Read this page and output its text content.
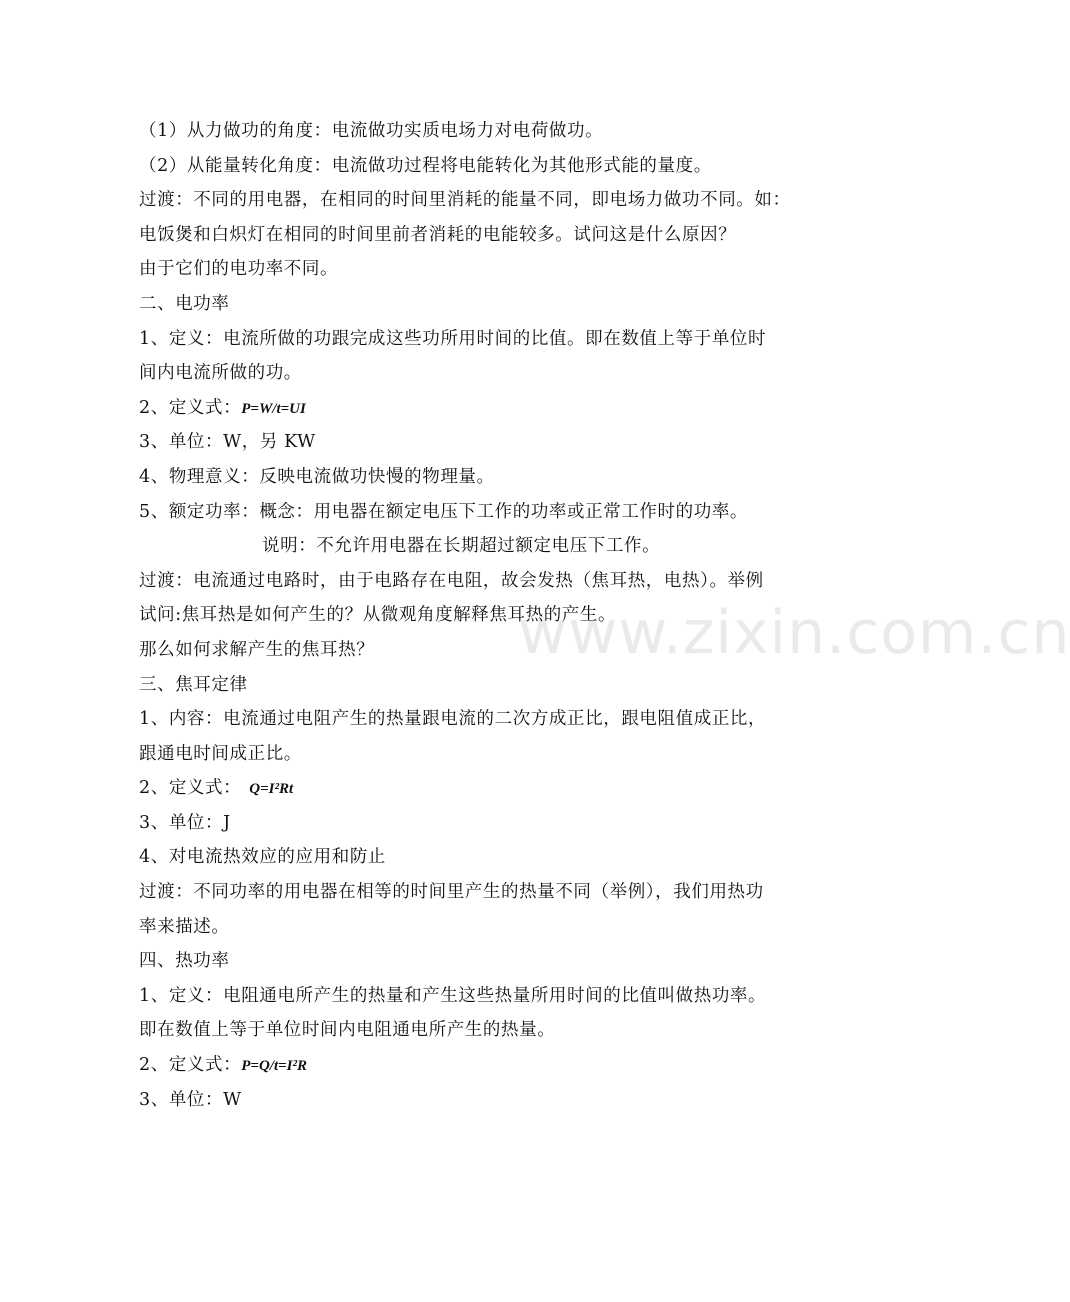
www.zixin.com.cn
（1）从力做功的角度：电流做功实质电场力对电荷做功。
（2）从能量转化角度：电流做功过程将电能转化为其他形式能的量度。
过渡：不同的用电器，在相同的时间里消耗的能量不同，即电场力做功不同。如：
电饭煲和白炽灯在相同的时间里前者消耗的电能较多。试问这是什么原因？
由于它们的电功率不同。
二、电功率
1、定义：电流所做的功跟完成这些功所用时间的比值。即在数值上等于单位时
间内电流所做的功。
2、定义式：P=W/t=UI
3、单位：W，另 KW
4、物理意义：反映电流做功快慢的物理量。
5、额定功率：概念：用电器在额定电压下工作的功率或正常工作时的功率。
说明：不允许用电器在长期超过额定电压下工作。
过渡：电流通过电路时，由于电路存在电阻，故会发热（焦耳热，电热）。举例
试问:焦耳热是如何产生的？从微观角度解释焦耳热的产生。
那么如何求解产生的焦耳热？
三、焦耳定律
1、内容：电流通过电阻产生的热量跟电流的二次方成正比，跟电阻值成正比，
跟通电时间成正比。
2、定义式： Q=I²Rt
3、单位：J
4、对电流热效应的应用和防止
过渡：不同功率的用电器在相等的时间里产生的热量不同（举例），我们用热功
率来描述。
四、热功率
1、定义：电阻通电所产生的热量和产生这些热量所用时间的比值叫做热功率。
即在数值上等于单位时间内电阻通电所产生的热量。
2、定义式：P=Q/t=I²R
3、单位：W
